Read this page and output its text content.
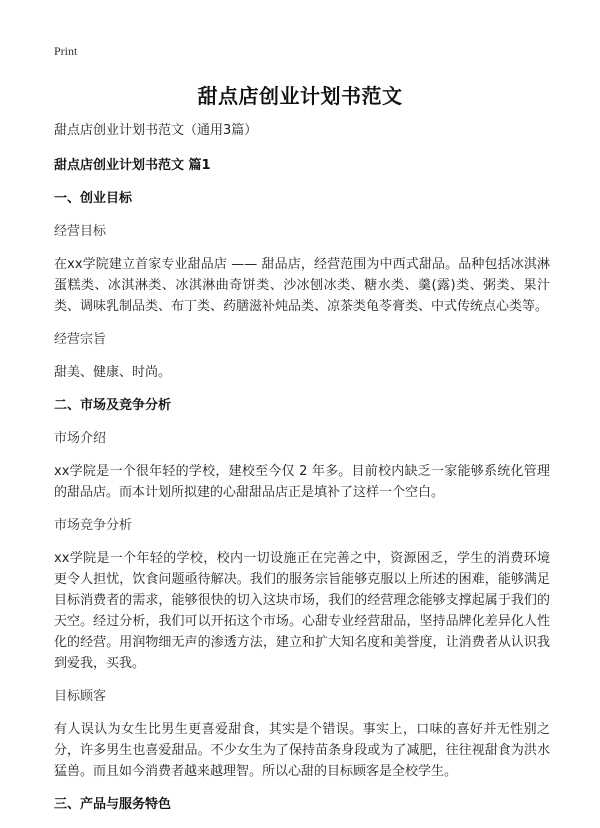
Print
甜点店创业计划书范文

甜点店创业计划书范文（通用3篇）

甜点店创业计划书范文 篇1

一、创业目标

经营目标

在xx学院建立首家专业甜品店 —— 甜品店，经营范围为中西式甜品。品种包括冰淇淋蛋糕类、冰淇淋类、冰淇淋曲奇饼类、沙冰刨冰类、糖水类、羹(露)类、粥类、果汁类、调味乳制品类、布丁类、药膳滋补炖品类、凉茶类龟苓膏类、中式传统点心类等。

经营宗旨

甜美、健康、时尚。

二、市场及竞争分析

市场介绍

xx学院是一个很年轻的学校，建校至今仅 2 年多。目前校内缺乏一家能够系统化管理的甜品店。而本计划所拟建的心甜甜品店正是填补了这样一个空白。

市场竞争分析

xx学院是一个年轻的学校，校内一切设施正在完善之中，资源困乏，学生的消费环境更令人担忧，饮食问题亟待解决。我们的服务宗旨能够克服以上所述的困难，能够满足目标消费者的需求，能够很快的切入这块市场，我们的经营理念能够支撑起属于我们的天空。经过分析，我们可以开拓这个市场。心甜专业经营甜品，坚持品牌化差异化人性化的经营。用润物细无声的渗透方法，建立和扩大知名度和美誉度，让消费者从认识我到爱我，买我。

目标顾客

有人误认为女生比男生更喜爱甜食，其实是个错误。事实上，口味的喜好并无性别之分，许多男生也喜爱甜品。不少女生为了保持苗条身段或为了减肥，往往视甜食为洪水猛兽。而且如今消费者越来越理智。所以心甜的目标顾客是全校学生。

三、产品与服务特色
